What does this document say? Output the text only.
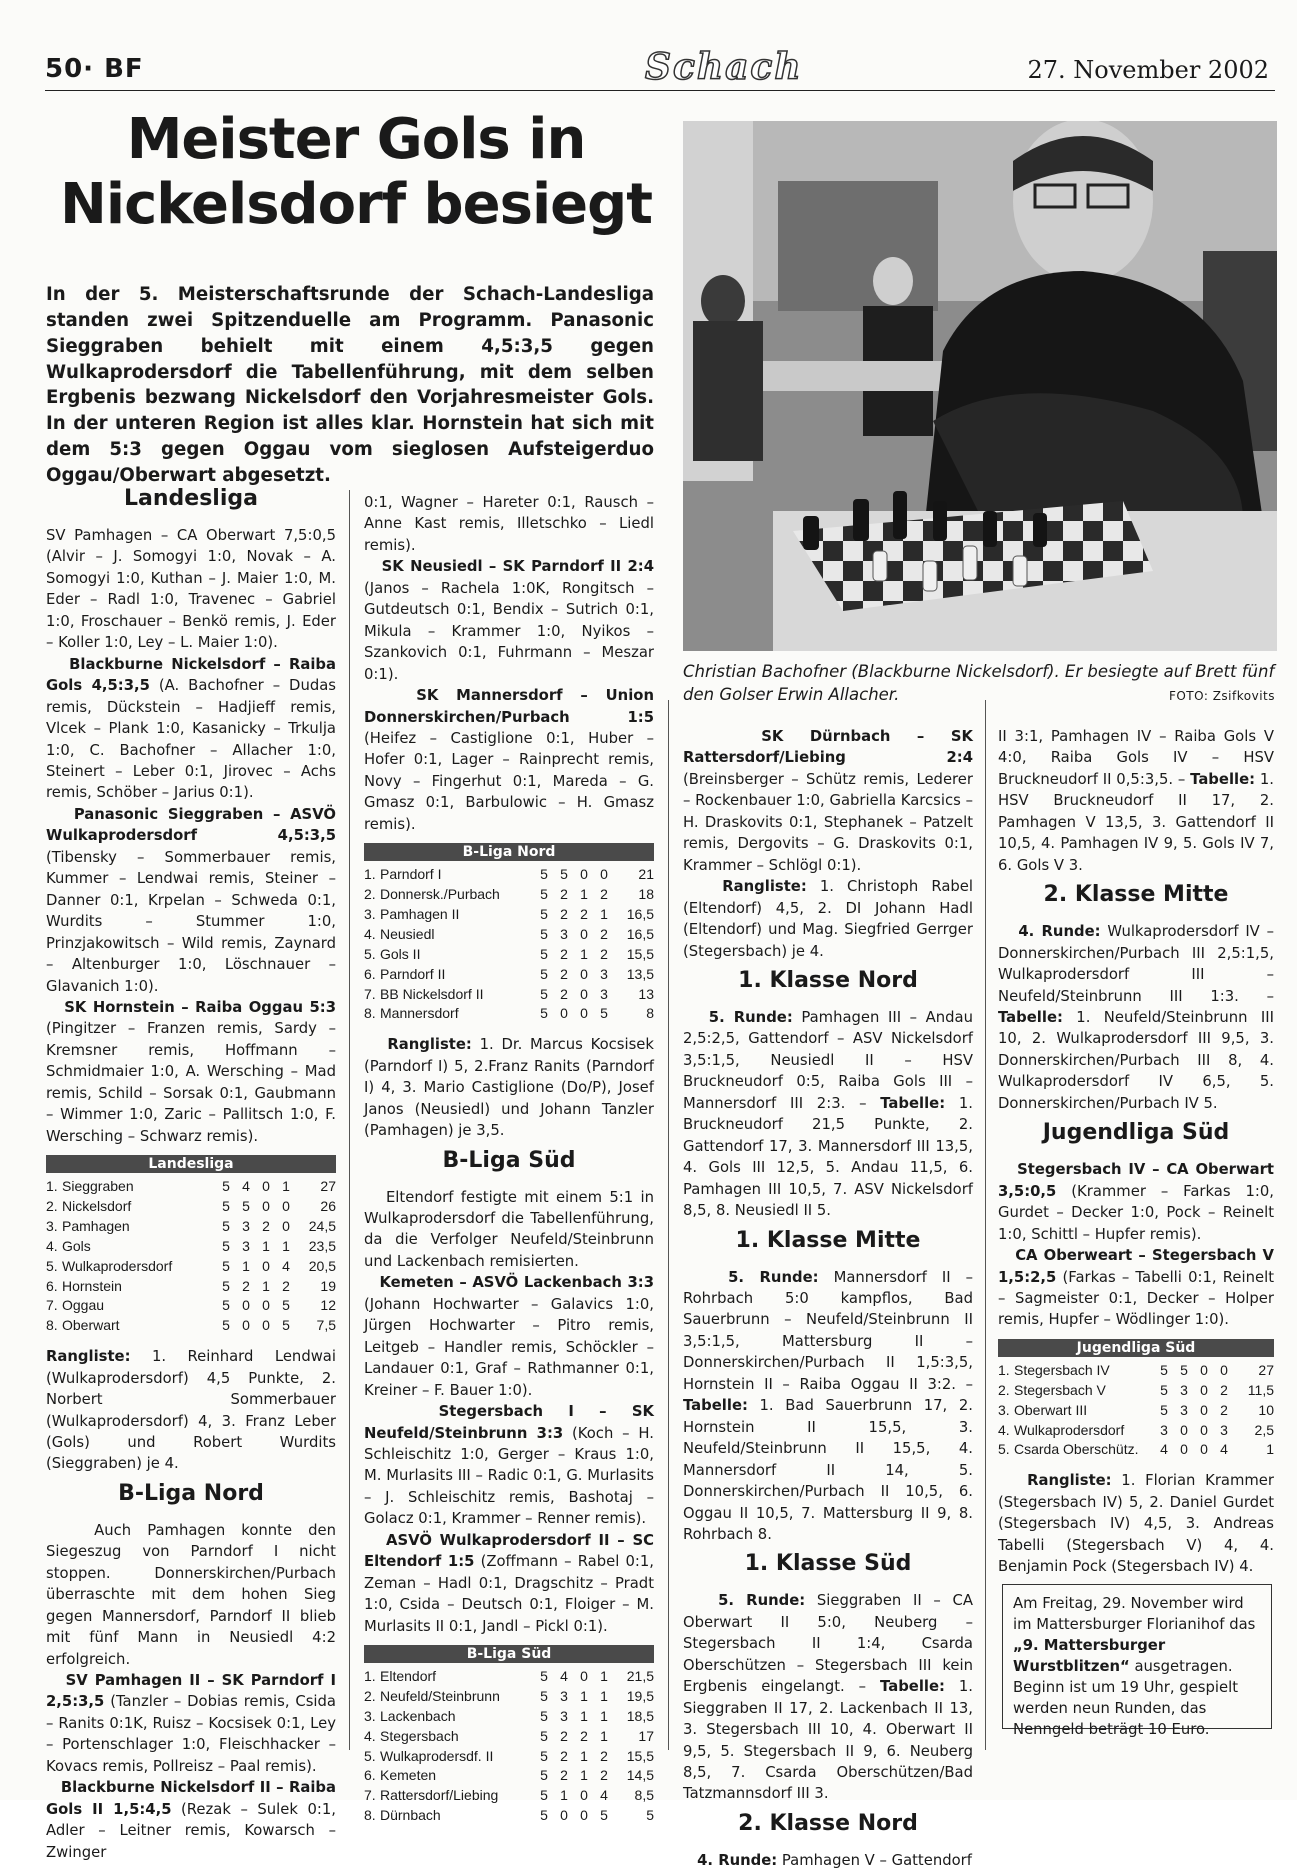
50· BF	Schach	27. November 2002
Meister Gols in Nickelsdorf besiegt
In der 5. Meisterschaftsrunde der Schach-Landesliga standen zwei Spitzenduelle am Programm. Panasonic Sieggraben behielt mit einem 4,5:3,5 gegen Wulkaprodersdorf die Tabellenführung, mit dem selben Ergbenis bezwang Nickelsdorf den Vorjahresmeister Gols. In der unteren Region ist alles klar. Hornstein hat sich mit dem 5:3 gegen Oggau vom sieglosen Aufsteigerduo Oggau/Oberwart abgesetzt.
Christian Bachofner (Blackburne Nickelsdorf). Er besiegte auf Brett fünf den Golser Erwin Allacher.	FOTO: Zsifkovits
Landesliga

SV Pamhagen – CA Oberwart 7,5:0,5 (Alvir – J. Somogyi 1:0, Novak – A. Somogyi 1:0, Kuthan – J. Maier 1:0, M. Eder – Radl 1:0, Travenec – Gabriel 1:0, Froschauer – Benkö remis, J. Eder – Koller 1:0, Ley – L. Maier 1:0).

Blackburne Nickelsdorf – Raiba Gols 4,5:3,5 (A. Bachofner – Dudas remis, Dückstein – Hadjieff remis, Vlcek – Plank 1:0, Kasanicky – Trkulja 1:0, C. Bachofner – Allacher 1:0, Steinert – Leber 0:1, Jirovec – Achs remis, Schöber – Jarius 0:1).

Panasonic Sieggraben – ASVÖ Wulkaprodersdorf 4,5:3,5 (Tibensky – Sommerbauer remis, Kummer – Lendwai remis, Steiner – Danner 0:1, Krpelan – Schweda 0:1, Wurdits – Stummer 1:0, Prinzjakowitsch – Wild remis, Zaynard – Altenburger 1:0, Löschnauer – Glavanich 1:0).

SK Hornstein – Raiba Oggau 5:3 (Pingitzer – Franzen remis, Sardy – Kremsner remis, Hoffmann – Schmidmaier 1:0, A. Wersching – Mad remis, Schild – Sorsak 0:1, Gaubmann – Wimmer 1:0, Zaric – Pallitsch 1:0, F. Wersching – Schwarz remis).

Landesliga
1.	Sieggraben	5	4	0	1	27
2.	Nickelsdorf	5	5	0	0	26
3.	Pamhagen	5	3	2	0	24,5
4.	Gols	5	3	1	1	23,5
5.	Wulkaprodersdorf	5	1	0	4	20,5
6.	Hornstein	5	2	1	2	19
7.	Oggau	5	0	0	5	12
8.	Oberwart	5	0	0	5	7,5

Rangliste: 1. Reinhard Lendwai (Wulkaprodersdorf) 4,5 Punkte, 2. Norbert Sommerbauer (Wulkaprodersdorf) 4, 3. Franz Leber (Gols) und Robert Wurdits (Sieggraben) je 4.

B-Liga Nord

Auch Pamhagen konnte den Siegeszug von Parndorf I nicht stoppen. Donnerskirchen/Purbach überraschte mit dem hohen Sieg gegen Mannersdorf, Parndorf II blieb mit fünf Mann in Neusiedl 4:2 erfolgreich.

SV Pamhagen II – SK Parndorf I 2,5:3,5 (Tanzler – Dobias remis, Csida – Ranits 0:1K, Ruisz – Kocsisek 0:1, Ley – Portenschlager 1:0, Fleischhacker – Kovacs remis, Pollreisz – Paal remis).

Blackburne Nickelsdorf II – Raiba Gols II 1,5:4,5 (Rezak – Sulek 0:1, Adler – Leitner remis, Kowarsch – Zwinger

0:1, Wagner – Hareter 0:1, Rausch – Anne Kast remis, Illetschko – Liedl remis).

SK Neusiedl – SK Parndorf II 2:4 (Janos – Rachela 1:0K, Rongitsch – Gutdeutsch 0:1, Bendix – Sutrich 0:1, Mikula – Krammer 1:0, Nyikos – Szankovich 0:1, Fuhrmann – Meszar 0:1).

SK Mannersdorf – Union Donnerskirchen/Purbach 1:5 (Heifez – Castiglione 0:1, Huber – Hofer 0:1, Lager – Rainprecht remis, Novy – Fingerhut 0:1, Mareda – G. Gmasz 0:1, Barbulowic – H. Gmasz remis).

B-Liga Nord
1.	Parndorf I	5	5	0	0	21
2.	Donnersk./Purbach	5	2	1	2	18
3.	Pamhagen II	5	2	2	1	16,5
4.	Neusiedl	5	3	0	2	16,5
5.	Gols II	5	2	1	2	15,5
6.	Parndorf II	5	2	0	3	13,5
7.	BB Nickelsdorf II	5	2	0	3	13
8.	Mannersdorf	5	0	0	5	8

Rangliste: 1. Dr. Marcus Kocsisek (Parndorf I) 5, 2.Franz Ranits (Parndorf I) 4, 3. Mario Castiglione (Do/P), Josef Janos (Neusiedl) und Johann Tanzler (Pamhagen) je 3,5.

B-Liga Süd

Eltendorf festigte mit einem 5:1 in Wulkaprodersdorf die Tabellenführung, da die Verfolger Neufeld/Steinbrunn und Lackenbach remisierten.

Kemeten – ASVÖ Lackenbach 3:3 (Johann Hochwarter – Galavics 1:0, Jürgen Hochwarter – Pitro remis, Leitgeb – Handler remis, Schöckler – Landauer 0:1, Graf – Rathmanner 0:1, Kreiner – F. Bauer 1:0).

Stegersbach I – SK Neufeld/Steinbrunn 3:3 (Koch – H. Schleischitz 1:0, Gerger – Kraus 1:0, M. Murlasits III – Radic 0:1, G. Murlasits – J. Schleischitz remis, Bashotaj – Golacz 0:1, Krammer – Renner remis).

ASVÖ Wulkaprodersdorf II – SC Eltendorf 1:5 (Zoffmann – Rabel 0:1, Zeman – Hadl 0:1, Dragschitz – Pradt 1:0, Csida – Deutsch 0:1, Floiger – M. Murlasits II 0:1, Jandl – Pickl 0:1).

B-Liga Süd
1.	Eltendorf	5	4	0	1	21,5
2.	Neufeld/Steinbrunn	5	3	1	1	19,5
3.	Lackenbach	5	3	1	1	18,5
4.	Stegersbach	5	2	2	1	17
5.	Wulkaprodersdf. II	5	2	1	2	15,5
6.	Kemeten	5	2	1	2	14,5
7.	Rattersdorf/Liebing	5	1	0	4	8,5
8.	Dürnbach	5	0	0	5	5

SK Dürnbach – SK Rattersdorf/Liebing 2:4 (Breinsberger – Schütz remis, Lederer – Rockenbauer 1:0, Gabriella Karcsics – H. Draskovits 0:1, Stephanek – Patzelt remis, Dergovits – G. Draskovits 0:1, Krammer – Schlögl 0:1).

Rangliste: 1. Christoph Rabel (Eltendorf) 4,5, 2. DI Johann Hadl (Eltendorf) und Mag. Siegfried Gerrger (Stegersbach) je 4.

1. Klasse Nord

5. Runde: Pamhagen III – Andau 2,5:2,5, Gattendorf – ASV Nickelsdorf 3,5:1,5, Neusiedl II – HSV Bruckneudorf 0:5, Raiba Gols III – Mannersdorf III 2:3. – Tabelle: 1. Bruckneudorf 21,5 Punkte, 2. Gattendorf 17, 3. Mannersdorf III 13,5, 4. Gols III 12,5, 5. Andau 11,5, 6. Pamhagen III 10,5, 7. ASV Nickelsdorf 8,5, 8. Neusiedl II 5.

1. Klasse Mitte

5. Runde: Mannersdorf II – Rohrbach 5:0 kampflos, Bad Sauerbrunn – Neufeld/Steinbrunn II 3,5:1,5, Mattersburg II – Donnerskirchen/Purbach II 1,5:3,5, Hornstein II – Raiba Oggau II 3:2. – Tabelle: 1. Bad Sauerbrunn 17, 2. Hornstein II 15,5, 3. Neufeld/Steinbrunn II 15,5, 4. Mannersdorf II 14, 5. Donnerskirchen/Purbach II 10,5, 6. Oggau II 10,5, 7. Mattersburg II 9, 8. Rohrbach 8.

1. Klasse Süd

5. Runde: Sieggraben II – CA Oberwart II 5:0, Neuberg – Stegersbach II 1:4, Csarda Oberschützen – Stegersbach III kein Ergbenis eingelangt. – Tabelle: 1. Sieggraben II 17, 2. Lackenbach II 13, 3. Stegersbach III 10, 4. Oberwart II 9,5, 5. Stegersbach II 9, 6. Neuberg 8,5, 7. Csarda Oberschützen/Bad Tatzmannsdorf III 3.

2. Klasse Nord

4. Runde: Pamhagen V – Gattendorf

II 3:1, Pamhagen IV – Raiba Gols V 4:0, Raiba Gols IV – HSV Bruckneudorf II 0,5:3,5. – Tabelle: 1. HSV Bruckneudorf II 17, 2. Pamhagen V 13,5, 3. Gattendorf II 10,5, 4. Pamhagen IV 9, 5. Gols IV 7, 6. Gols V 3.

2. Klasse Mitte

4. Runde: Wulkaprodersdorf IV – Donnerskirchen/Purbach III 2,5:1,5, Wulkaprodersdorf III – Neufeld/Steinbrunn III 1:3. – Tabelle: 1. Neufeld/Steinbrunn III 10, 2. Wulkaprodersdorf III 9,5, 3. Donnerskirchen/Purbach III 8, 4. Wulkaprodersdorf IV 6,5, 5. Donnerskirchen/Purbach IV 5.

Jugendliga Süd

Stegersbach IV – CA Oberwart 3,5:0,5 (Krammer – Farkas 1:0, Gurdet – Decker 1:0, Pock – Reinelt 1:0, Schittl – Hupfer remis).

CA Oberweart – Stegersbach V 1,5:2,5 (Farkas – Tabelli 0:1, Reinelt – Sagmeister 0:1, Decker – Holper remis, Hupfer – Wödlinger 1:0).

Jugendliga Süd
1.	Stegersbach IV	5	5	0	0	27
2.	Stegersbach V	5	3	0	2	11,5
3.	Oberwart III	5	3	0	2	10
4.	Wulkaprodersdorf	3	0	0	3	2,5
5.	Csarda Oberschütz.	4	0	0	4	1

Rangliste: 1. Florian Krammer (Stegersbach IV) 5, 2. Daniel Gurdet (Stegersbach IV) 4,5, 3. Andreas Tabelli (Stegersbach V) 4, 4. Benjamin Pock (Stegersbach IV) 4.

Am Freitag, 29. November wird im Mattersburger Florianihof das „9. Mattersburger Wurstblitzen“ ausgetragen. Beginn ist um 19 Uhr, gespielt werden neun Runden, das Nenngeld beträgt 10 Euro.
